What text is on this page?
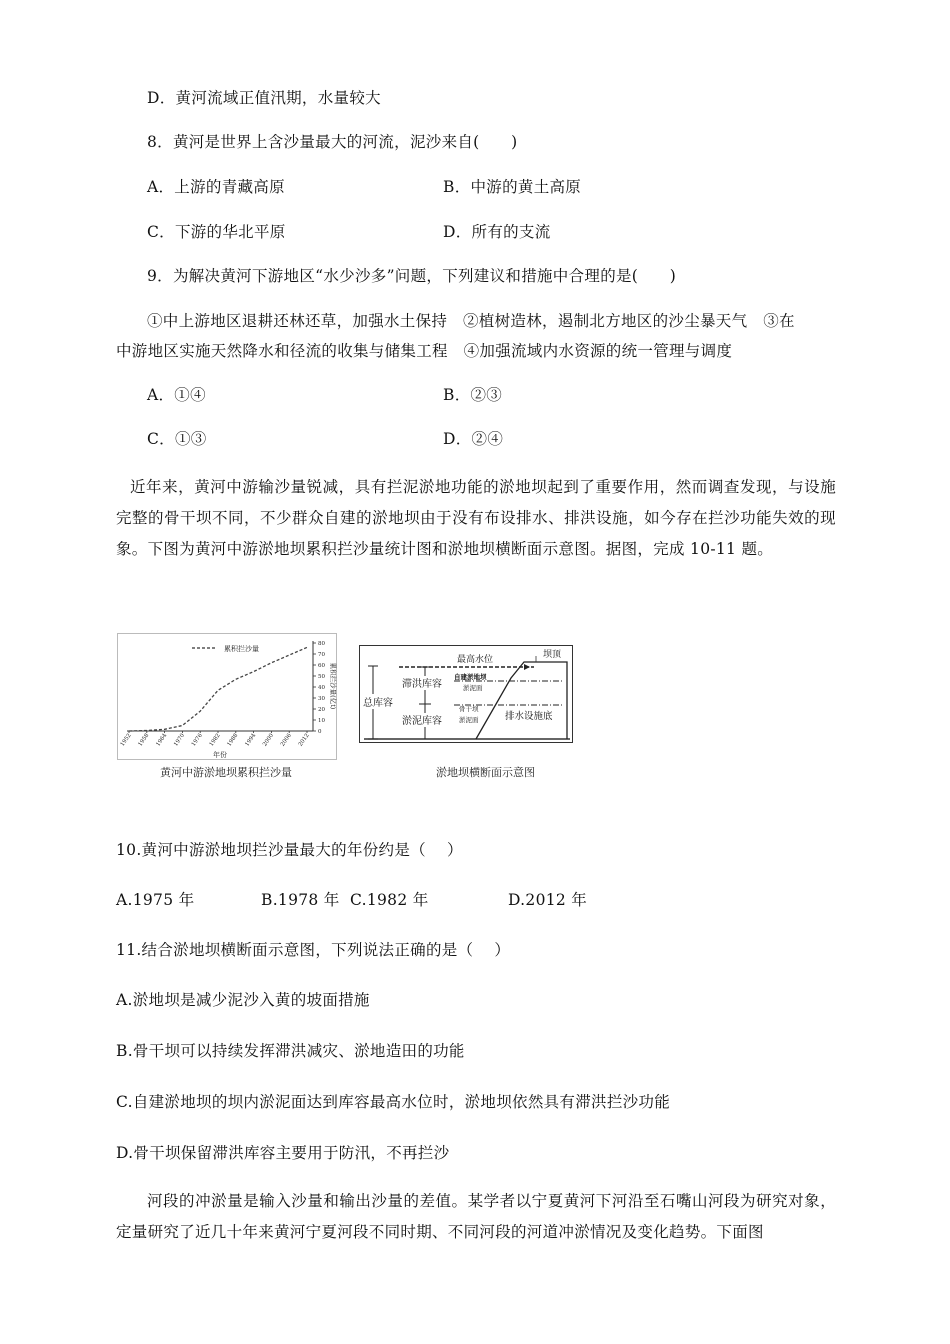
D．黄河流域正值汛期，水量较大
8．黄河是世界上含沙量最大的河流，泥沙来自(　　)
A．上游的青藏高原	B．中游的黄土高原
C．下游的华北平原	D．所有的支流
9．为解决黄河下游地区“水少沙多”问题，下列建议和措施中合理的是(　　)
①中上游地区退耕还林还草，加强水土保持　②植树造林，遏制北方地区的沙尘暴天气　③在
中游地区实施天然降水和径流的收集与储集工程　④加强流域内水资源的统一管理与调度
A．①④	B．②③
C．①③	D．②④
近年来，黄河中游输沙量锐减，具有拦泥淤地功能的淤地坝起到了重要作用，然而调查发现，与设施完整的骨干坝不同，不少群众自建的淤地坝由于没有布设排水、排洪设施，如今存在拦沙功能失效的现象。下图为黄河中游淤地坝累积拦沙量统计图和淤地坝横断面示意图。据图，完成 10-11 题。
累积拦沙量
1952 1958 1964 1970 1976 1982 1988 1994 2000 2006 2012
0
10
20
30
40
50
60
70
80
年份
累积拦沙量(亿t)
黄河中游淤地坝累积拦沙量
坝顶
最高水位
自建淤地坝
淤泥面
骨干坝
淤泥面	排水设施底
总库容
滞洪库容
淤泥库容
淤地坝横断面示意图
10.黄河中游淤地坝拦沙量最大的年份约是（　 ）
A.1975 年	B.1978 年 C.1982 年	D.2012 年
11.结合淤地坝横断面示意图，下列说法正确的是（　 ）
A.淤地坝是减少泥沙入黄的坡面措施
B.骨干坝可以持续发挥滞洪减灾、淤地造田的功能
C.自建淤地坝的坝内淤泥面达到库容最高水位时，淤地坝依然具有滞洪拦沙功能
D.骨干坝保留滞洪库容主要用于防汛，不再拦沙
河段的冲淤量是输入沙量和输出沙量的差值。某学者以宁夏黄河下河沿至石嘴山河段为研究对象，定量研究了近几十年来黄河宁夏河段不同时期、不同河段的河道冲淤情况及变化趋势。下面图
